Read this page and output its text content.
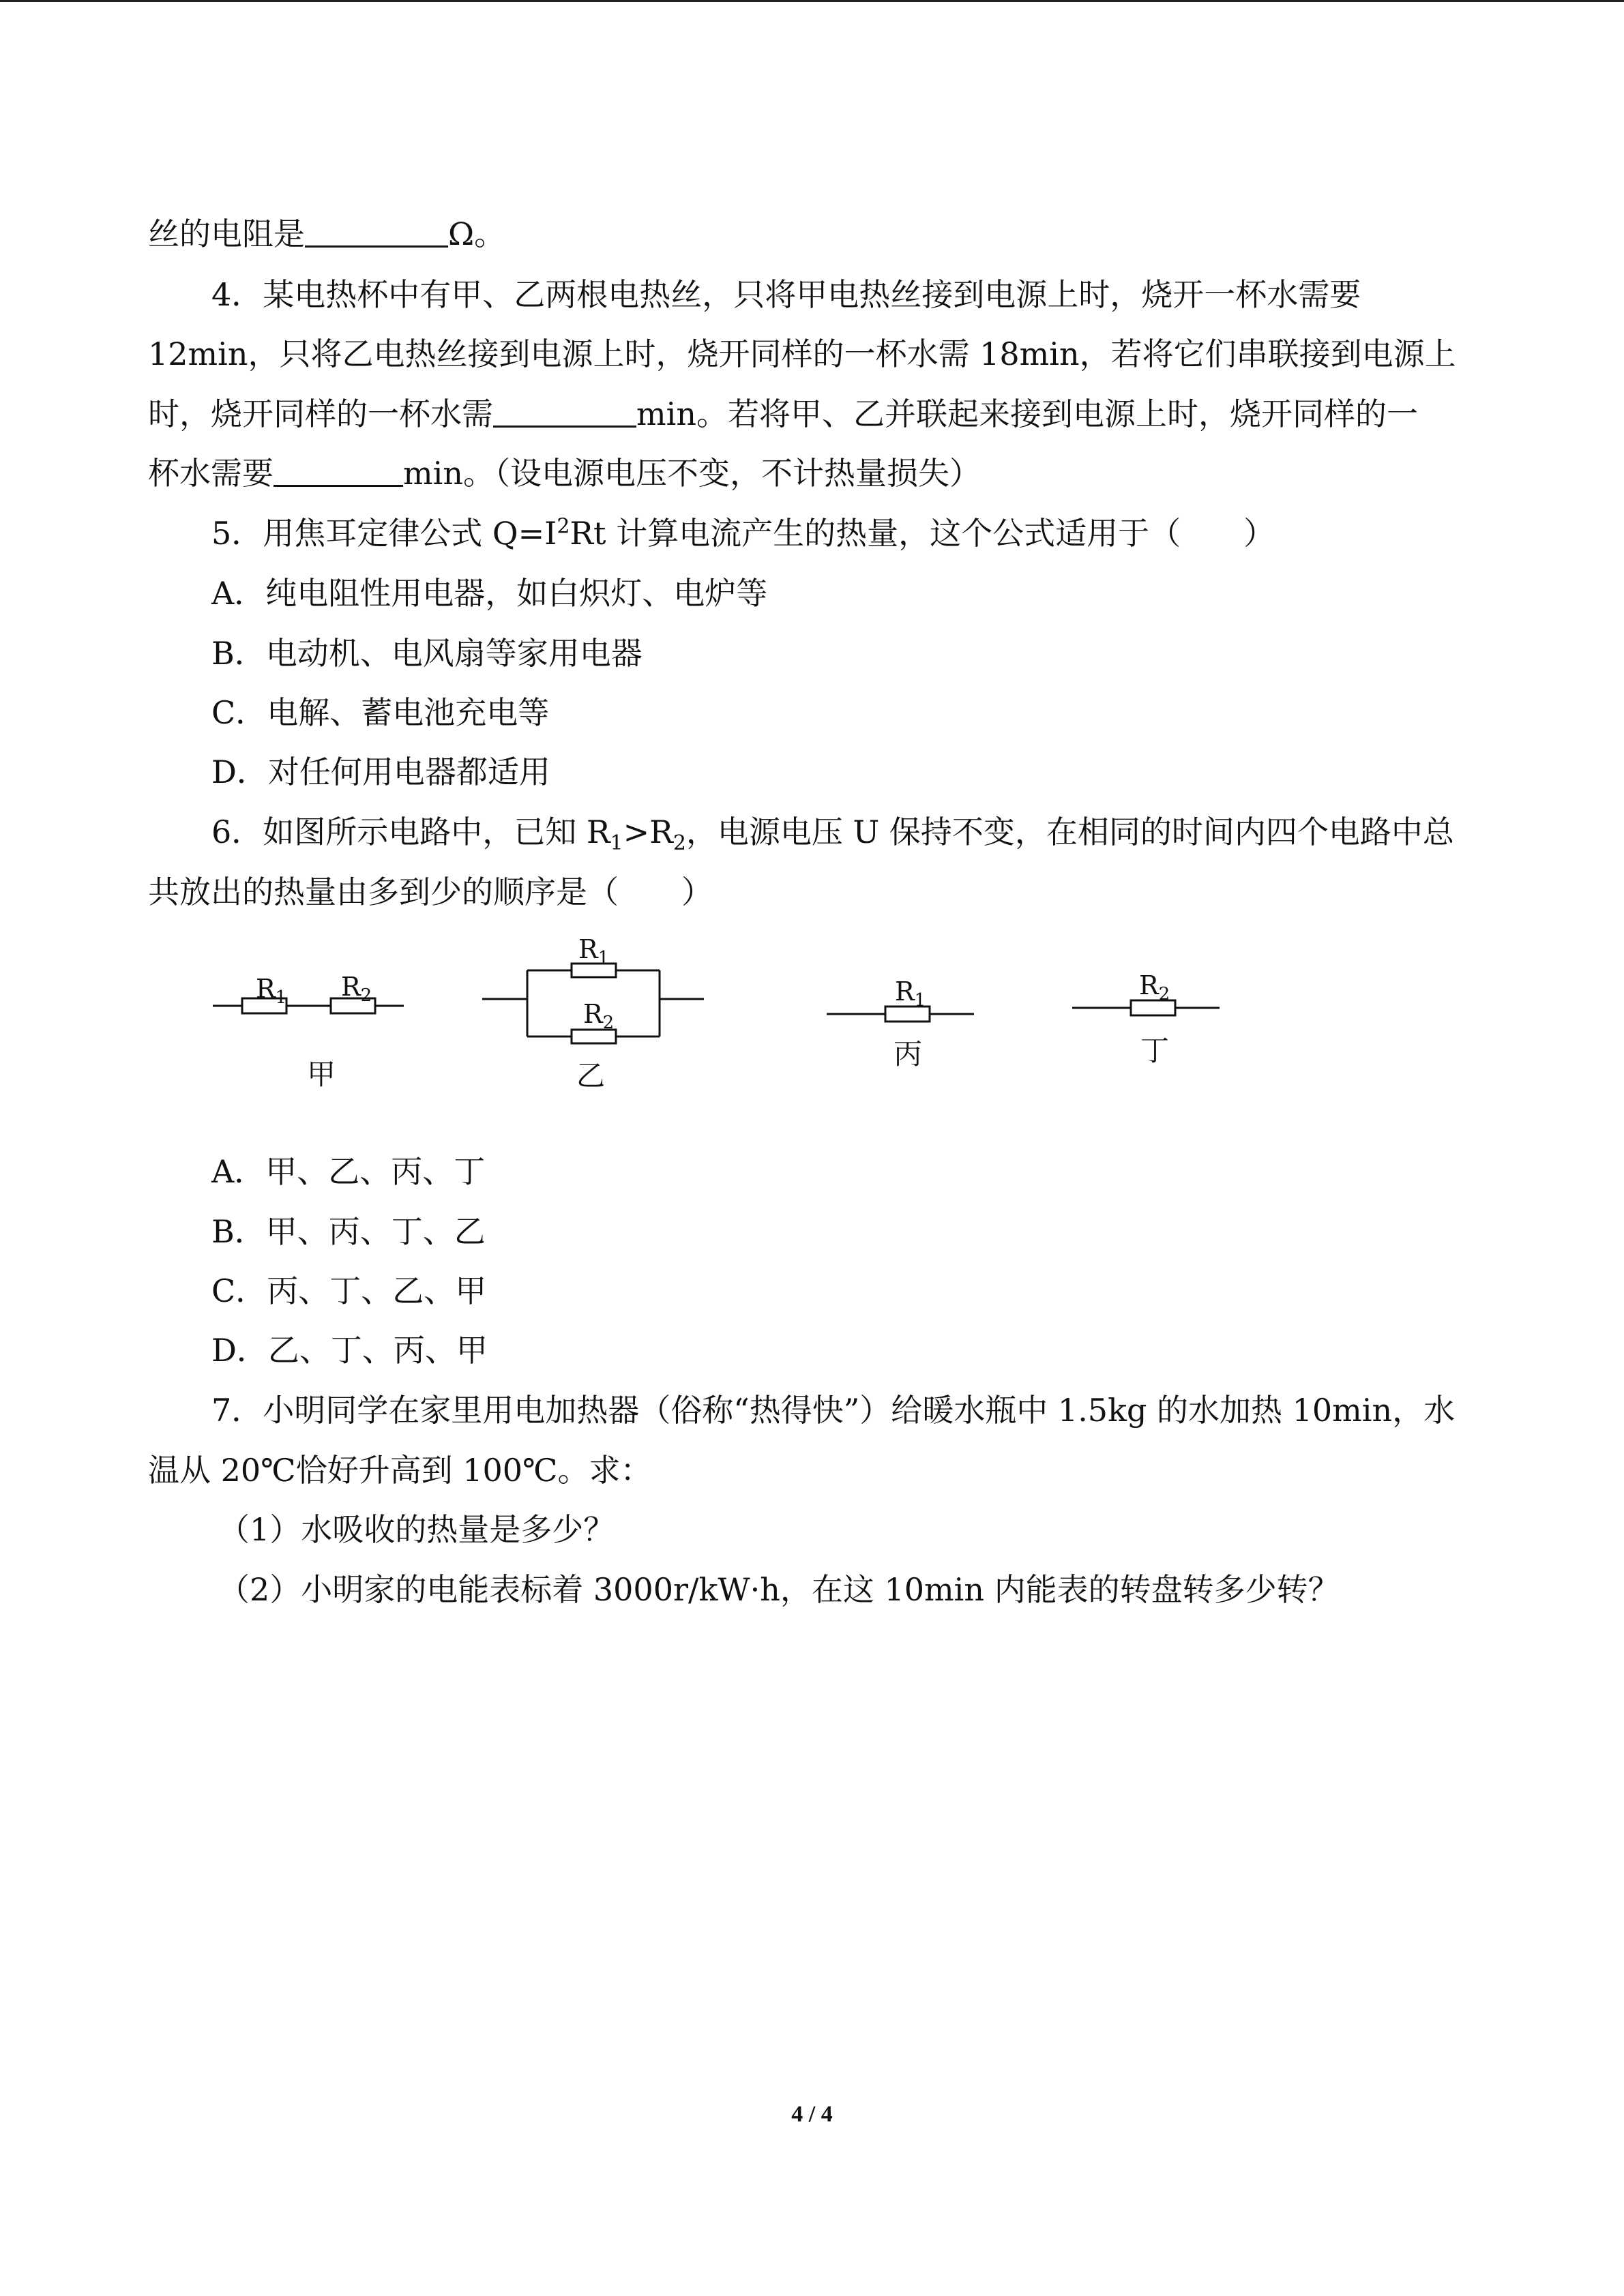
丝的电阻是	Ω。
4．某电热杯中有甲、乙两根电热丝，只将甲电热丝接到电源上时，烧开一杯水需要
12min，只将乙电热丝接到电源上时，烧开同样的一杯水需 18min，若将它们串联接到电源上
时，烧开同样的一杯水需	min。若将甲、乙并联起来接到电源上时，烧开同样的一
杯水需要	min。（设电源电压不变，不计热量损失）
5．用焦耳定律公式 $Q=I^2Rt$ 计算电流产生的热量，这个公式适用于（　　）
A．纯电阻性用电器，如白炽灯、电炉等
B．电动机、电风扇等家用电器
C．电解、蓄电池充电等
D．对任何用电器都适用
6．如图所示电路中，已知 $R_1>R_2$，电源电压 U 保持不变，在相同的时间内四个电路中总
共放出的热量由多到少的顺序是（　　）
$R_1$ $R_2$
甲
$R_1$
$R_2$
乙
$R_1$
丙
$R_2$
丁
A．甲、乙、丙、丁
B．甲、丙、丁、乙
C．丙、丁、乙、甲
D．乙、丁、丙、甲
7．小明同学在家里用电加热器（俗称“热得快”）给暖水瓶中 1.5kg 的水加热 10min，水
温从 20℃恰好升高到 100℃。求：
（1）水吸收的热量是多少？
（2）小明家的电能表标着 3000r/kW·h，在这 10min 内能表的转盘转多少转？
4 / 4
